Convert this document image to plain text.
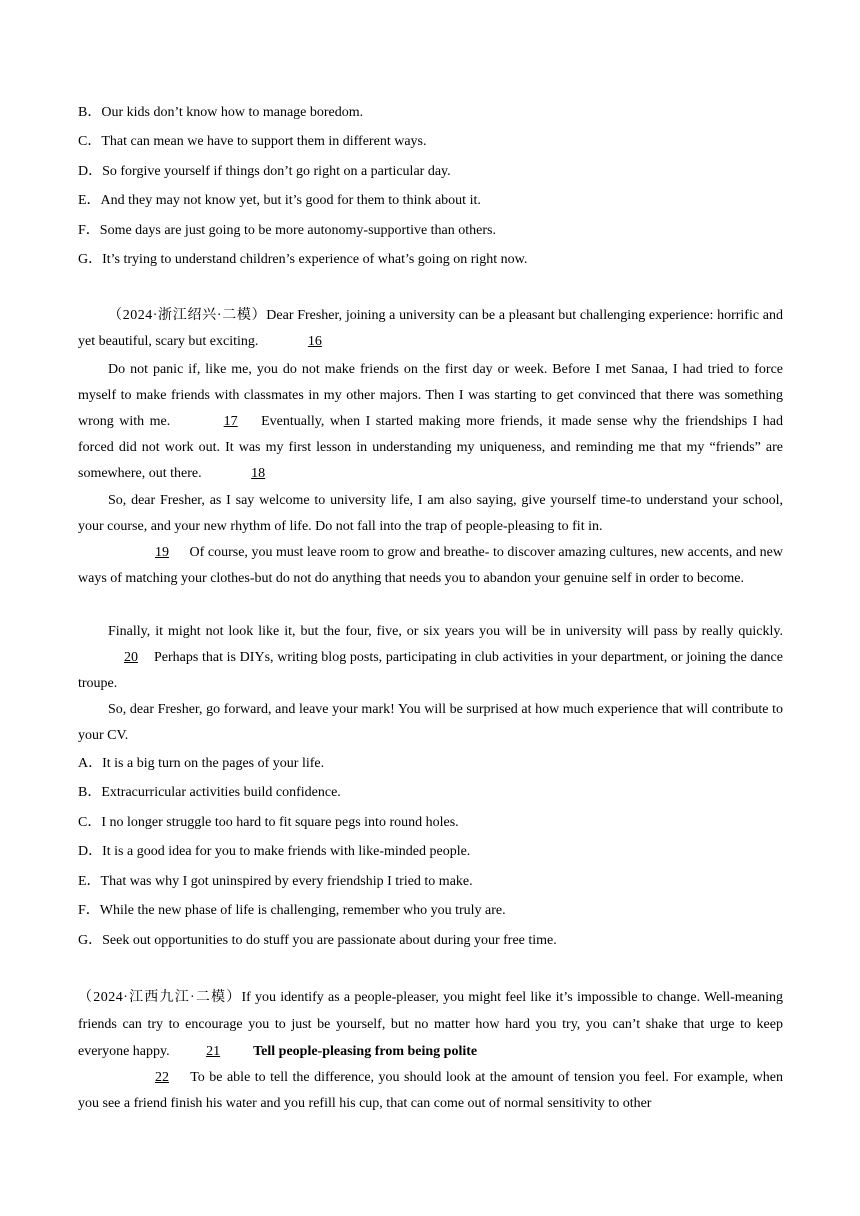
B．Our kids don’t know how to manage boredom.
C．That can mean we have to support them in different ways.
D．So forgive yourself if things don’t go right on a particular day.
E．And they may not know yet, but it’s good for them to think about it.
F．Some days are just going to be more autonomy-supportive than others.
G．It’s trying to understand children’s experience of what’s going on right now.
（2024·浙江绍兴·二模）Dear Fresher, joining a university can be a pleasant but challenging experience: horrific and yet beautiful, scary but exciting.	16
Do not panic if, like me, you do not make friends on the first day or week. Before I met Sanaa, I had tried to force myself to make friends with classmates in my other majors. Then I was starting to get convinced that there was something wrong with me.	17 Eventually, when I started making more friends, it made sense why the friendships I had forced did not work out. It was my first lesson in understanding my uniqueness, and reminding me that my “friends” are somewhere, out there.	18
So, dear Fresher, as I say welcome to university life, I am also saying, give yourself time-to understand your school, your course, and your new rhythm of life. Do not fall into the trap of people-pleasing to fit in.
19 Of course, you must leave room to grow and breathe- to discover amazing cultures, new accents, and new ways of matching your clothes-but do not do anything that needs you to abandon your genuine self in order to become.
Finally, it might not look like it, but the four, five, or six years you will be in university will pass by really quickly. 20 Perhaps that is DIYs, writing blog posts, participating in club activities in your department, or joining the dance troupe.
So, dear Fresher, go forward, and leave your mark! You will be surprised at how much experience that will contribute to your CV.
A．It is a big turn on the pages of your life.
B．Extracurricular activities build confidence.
C．I no longer struggle too hard to fit square pegs into round holes.
D．It is a good idea for you to make friends with like-minded people.
E．That was why I got uninspired by every friendship I tried to make.
F．While the new phase of life is challenging, remember who you truly are.
G．Seek out opportunities to do stuff you are passionate about during your free time.
（2024·江西九江·二模）If you identify as a people-pleaser, you might feel like it’s impossible to change. Well-meaning friends can try to encourage you to just be yourself, but no matter how hard you try, you can’t shake that urge to keep everyone happy. 21 Tell people-pleasing from being polite
22 To be able to tell the difference, you should look at the amount of tension you feel. For example, when you see a friend finish his water and you refill his cup, that can come out of normal sensitivity to other
